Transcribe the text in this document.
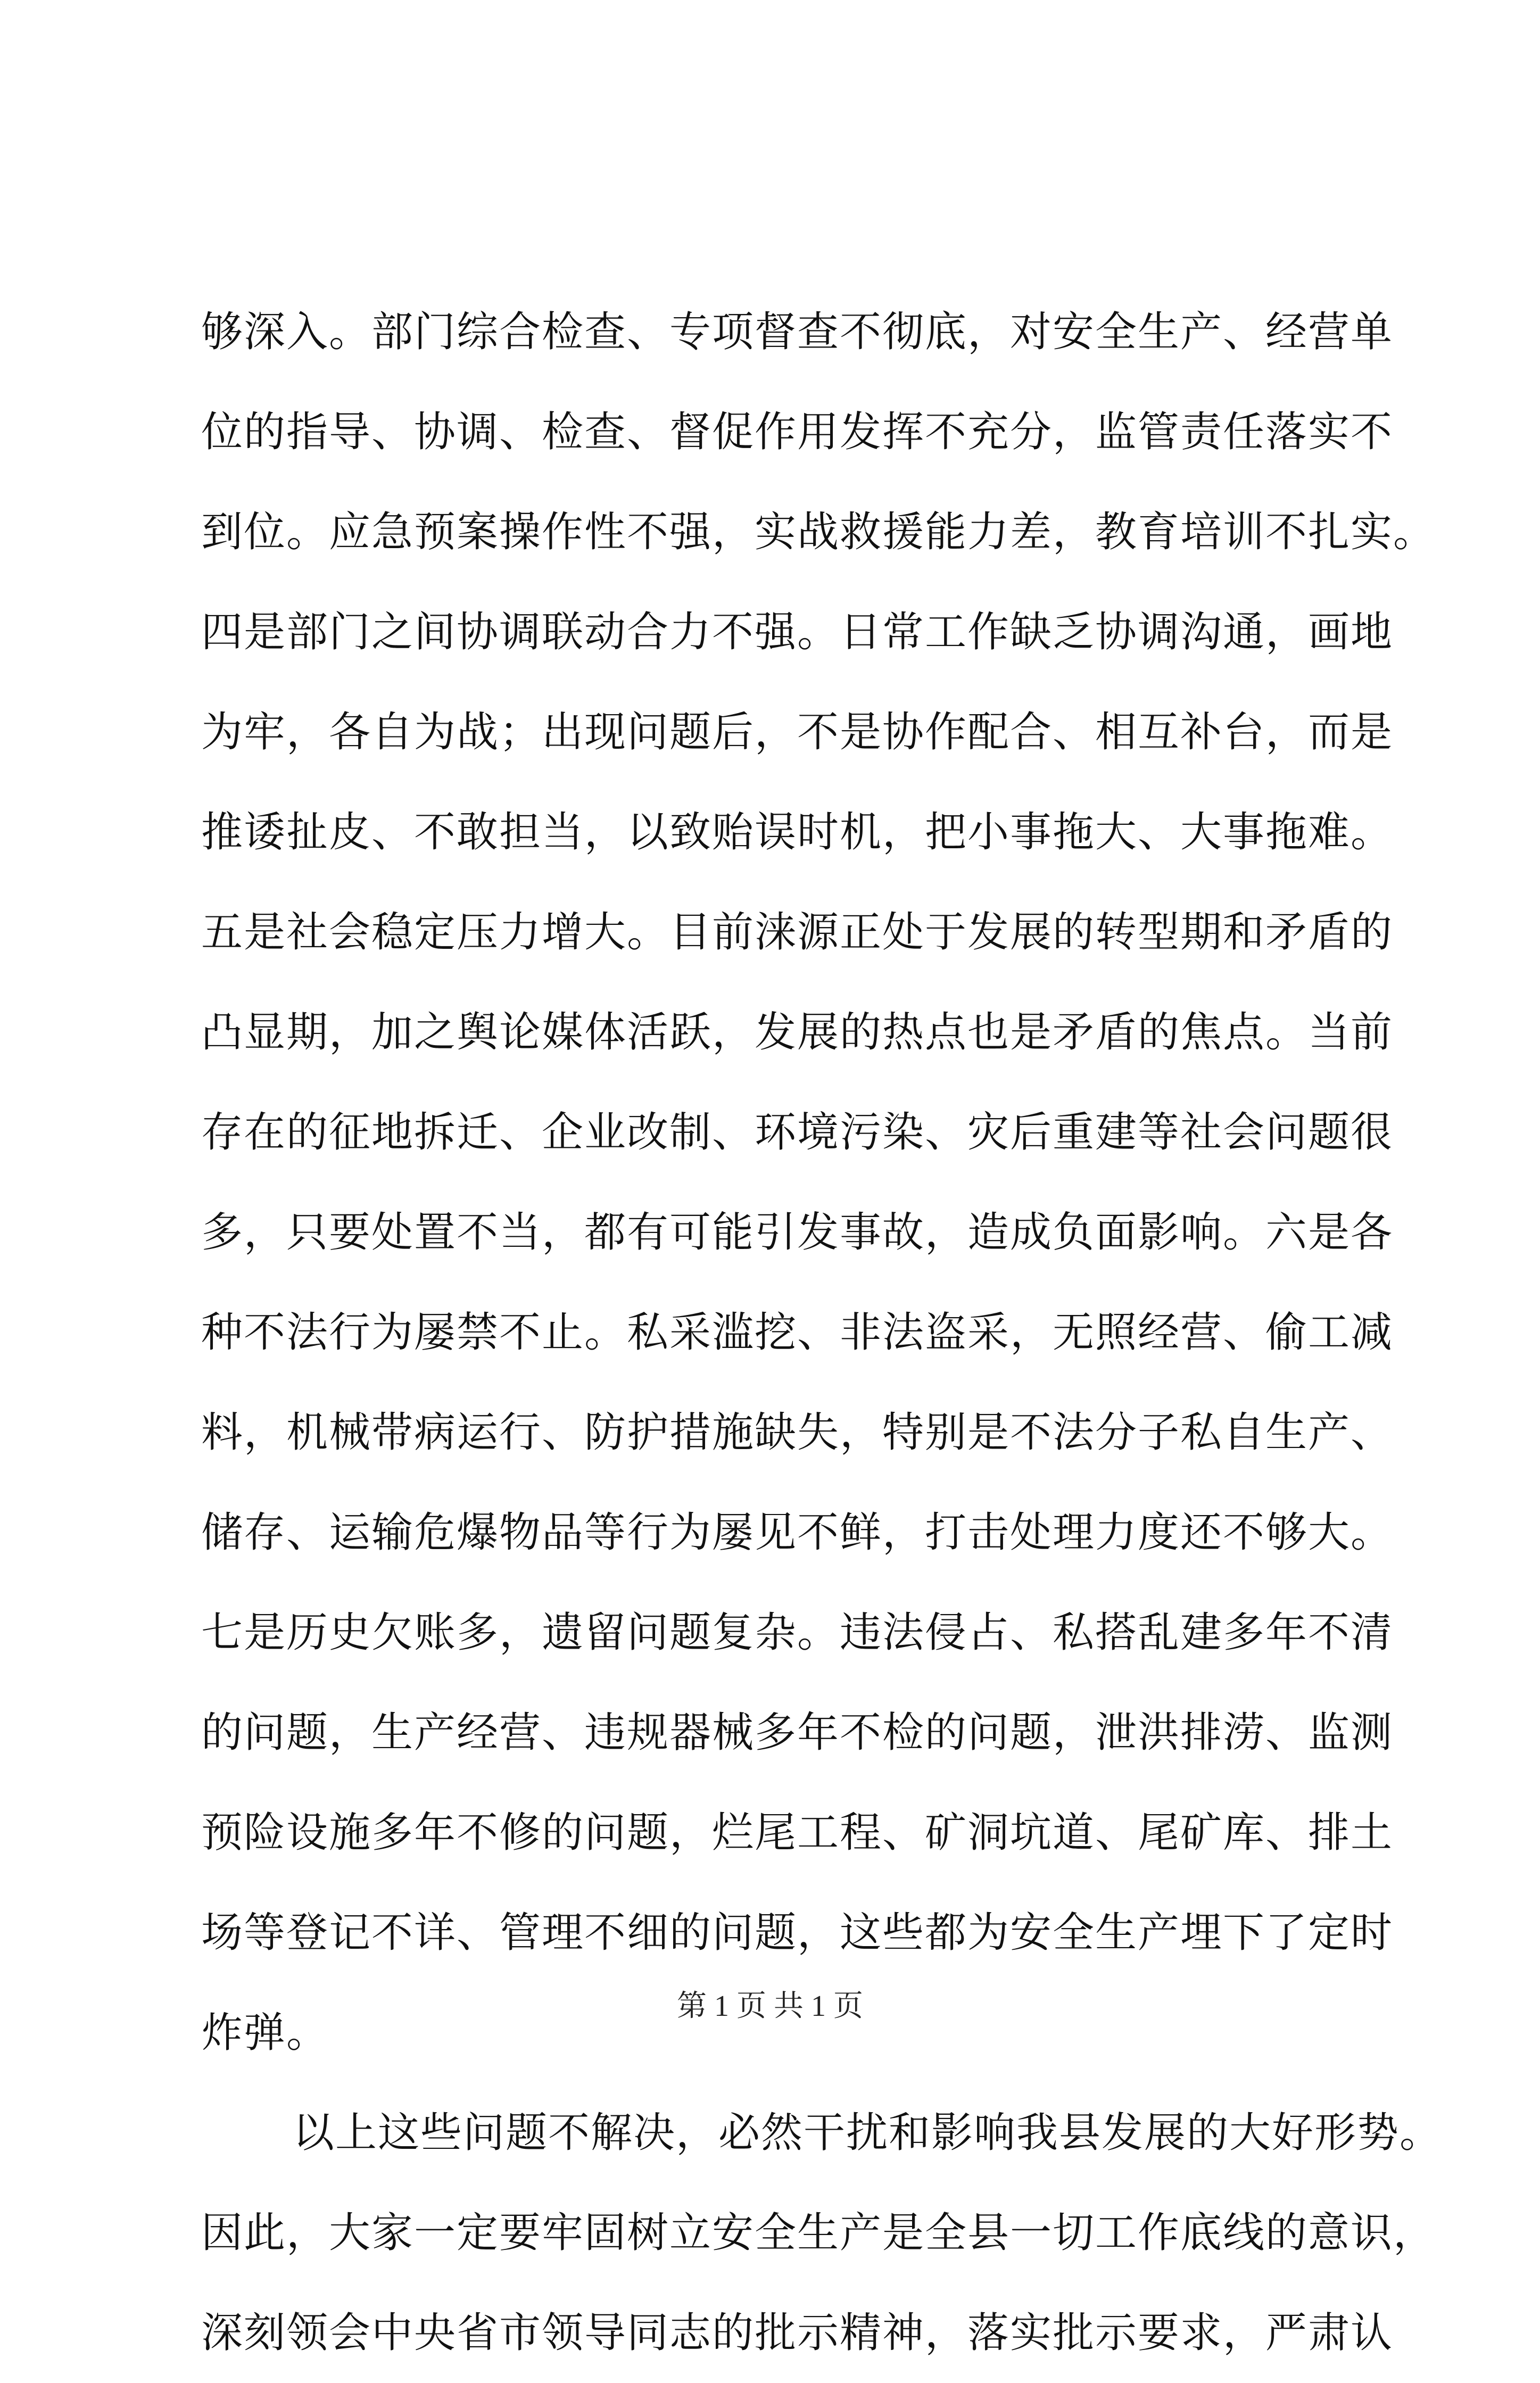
够深入。部门综合检查、专项督查不彻底，对安全生产、经营单
位的指导、协调、检查、督促作用发挥不充分，监管责任落实不
到位。应急预案操作性不强，实战救援能力差，教育培训不扎实。
四是部门之间协调联动合力不强。日常工作缺乏协调沟通，画地
为牢，各自为战；出现问题后，不是协作配合、相互补台，而是
推诿扯皮、不敢担当，以致贻误时机，把小事拖大、大事拖难。
五是社会稳定压力增大。目前涞源正处于发展的转型期和矛盾的
凸显期，加之舆论媒体活跃，发展的热点也是矛盾的焦点。当前
存在的征地拆迁、企业改制、环境污染、灾后重建等社会问题很
多，只要处置不当，都有可能引发事故，造成负面影响。六是各
种不法行为屡禁不止。私采滥挖、非法盗采，无照经营、偷工减
料，机械带病运行、防护措施缺失，特别是不法分子私自生产、
储存、运输危爆物品等行为屡见不鲜，打击处理力度还不够大。
七是历史欠账多，遗留问题复杂。违法侵占、私搭乱建多年不清
的问题，生产经营、违规器械多年不检的问题，泄洪排涝、监测
预险设施多年不修的问题，烂尾工程、矿洞坑道、尾矿库、排土
场等登记不详、管理不细的问题，这些都为安全生产埋下了定时
炸弹。
以上这些问题不解决，必然干扰和影响我县发展的大好形势。
因此，大家一定要牢固树立安全生产是全县一切工作底线的意识，
深刻领会中央省市领导同志的批示精神，落实批示要求，严肃认
第 1 页 共 1 页
